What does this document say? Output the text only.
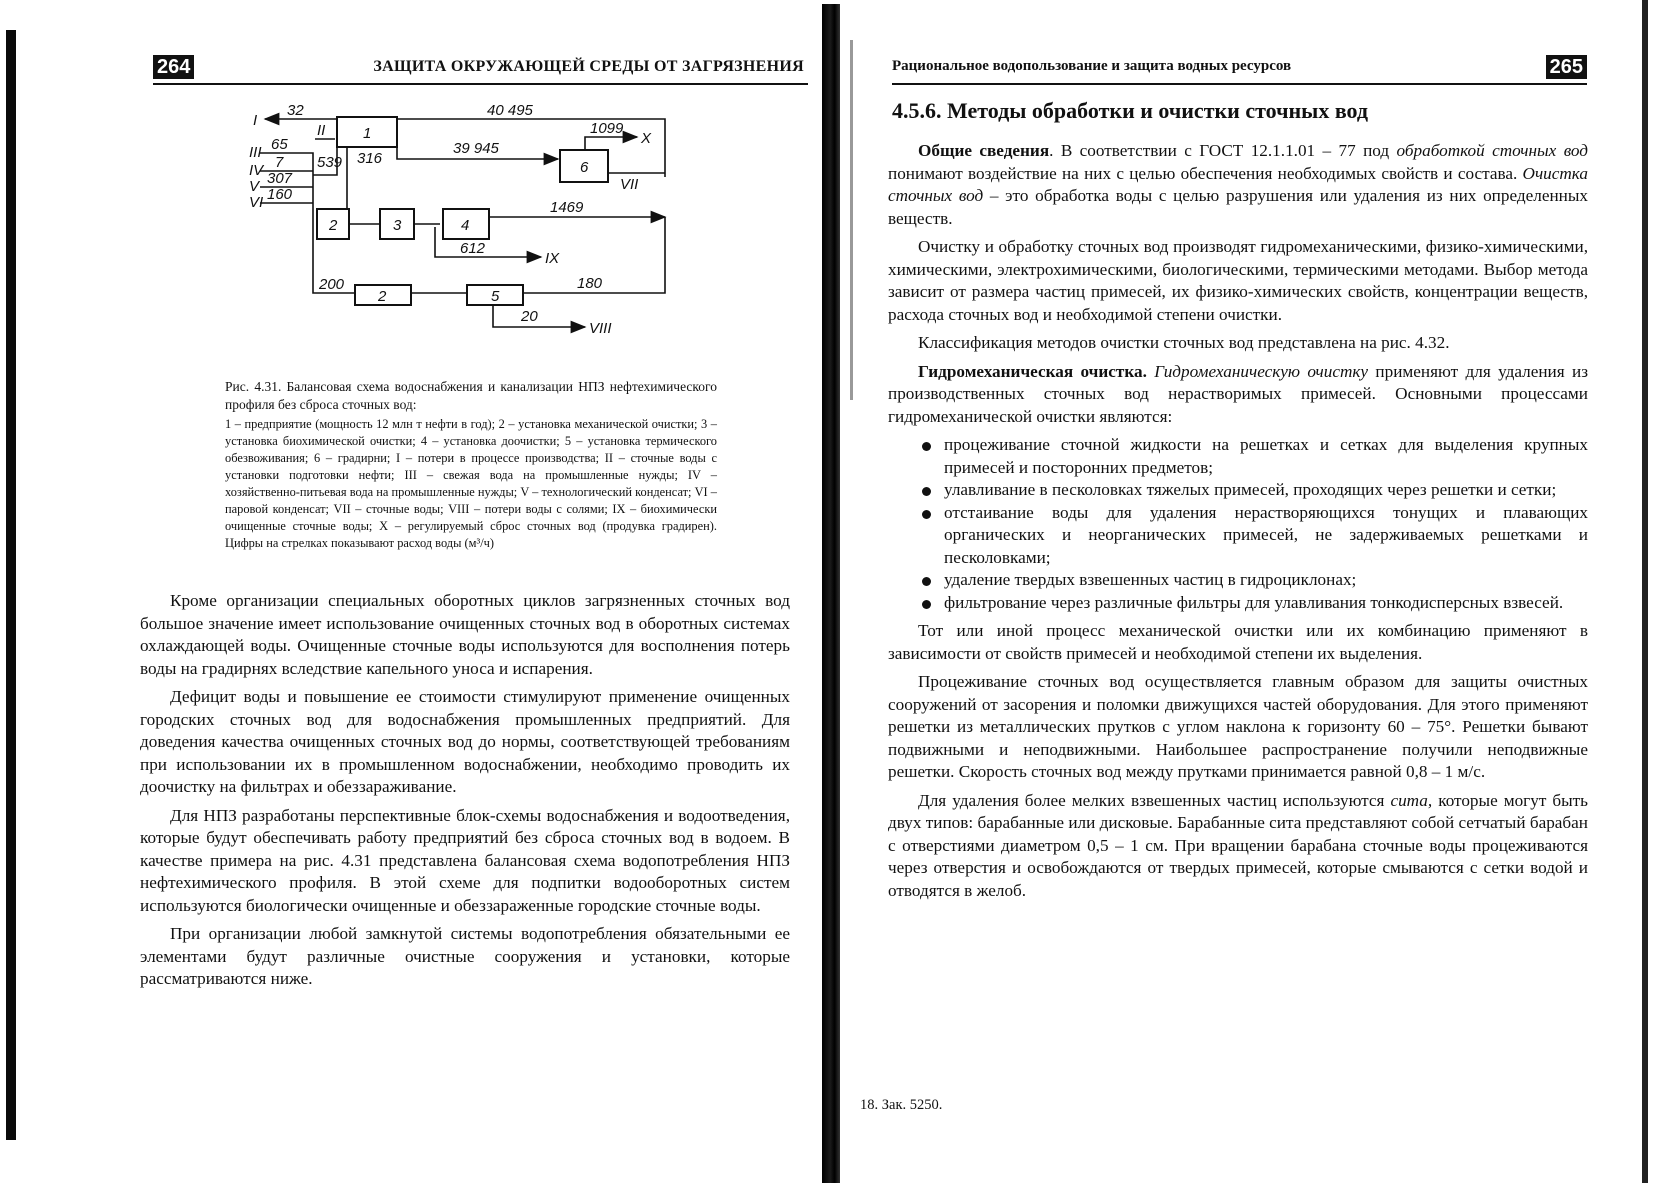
264	ЗАЩИТА ОКРУЖАЮЩЕЙ СРЕДЫ ОТ ЗАГРЯЗНЕНИЯ
1
I
32	40 495
6
1099
X
39 945
VII
II
316
III 65
IV 7
V 307
VI 160
539
2	3	4
1469
612
IX
200
2	5
180
20
VIII

Рис. 4.31. Балансовая схема водоснабжения и канализации НПЗ нефтехимического профиля без сброса сточных вод:

1 – предприятие (мощность 12 млн т нефти в год); 2 – установка механической очистки; 3 – установка биохимической очистки; 4 – установка доочистки; 5 – установка термического обезвоживания; 6 – градирни; I – потери в процессе производства; II – сточные воды с установки подготовки нефти; III – свежая вода на промышленные нужды; IV – хозяйственно-питьевая вода на промышленные нужды; V – технологический конденсат; VI – паровой конденсат; VII – сточные воды; VIII – потери воды с солями; IX – биохимически очищенные сточные воды; X – регулируемый сброс сточных вод (продувка градирен). Цифры на стрелках показывают расход воды (м³/ч)

Кроме организации специальных оборотных циклов загрязненных сточных вод большое значение имеет использование очищенных сточных вод в оборотных системах охлаждающей воды. Очищенные сточные воды используются для восполнения потерь воды на градирнях вследствие капельного уноса и испарения.

Дефицит воды и повышение ее стоимости стимулируют применение очищенных городских сточных вод для водоснабжения промышленных предприятий. Для доведения качества очищенных сточных вод до нормы, соответствующей требованиям при использовании их в промышленном водоснабжении, необходимо проводить их доочистку на фильтрах и обеззараживание.

Для НПЗ разработаны перспективные блок-схемы водоснабжения и водоотведения, которые будут обеспечивать работу предприятий без сброса сточных вод в водоем. В качестве примера на рис. 4.31 представлена балансовая схема водопотребления НПЗ нефтехимического профиля. В этой схеме для подпитки водооборотных систем используются биологически очищенные и обеззараженные городские сточные воды.

При организации любой замкнутой системы водопотребления обязательными ее элементами будут различные очистные сооружения и установки, которые рассматриваются ниже.

Рациональное водопользование и защита водных ресурсов	265
4.5.6. Методы обработки и очистки сточных вод

Общие сведения. В соответствии с ГОСТ 12.1.1.01 – 77 под обработкой сточных вод понимают воздействие на них с целью обеспечения необходимых свойств и состава. Очистка сточных вод – это обработка воды с целью разрушения или удаления из них определенных веществ.

Очистку и обработку сточных вод производят гидромеханическими, физико-химическими, химическими, электрохимическими, биологическими, термическими методами. Выбор метода зависит от размера частиц примесей, их физико-химических свойств, концентрации веществ, расхода сточных вод и необходимой степени очистки.

Классификация методов очистки сточных вод представлена на рис. 4.32.

Гидромеханическая очистка. Гидромеханическую очистку применяют для удаления из производственных сточных вод нерастворимых примесей. Основными процессами гидромеханической очистки являются:

процеживание сточной жидкости на решетках и сетках для выделения крупных примесей и посторонних предметов;
улавливание в песколовках тяжелых примесей, проходящих через решетки и сетки;
отстаивание воды для удаления нерастворяющихся тонущих и плавающих органических и неорганических примесей, не задерживаемых решетками и песколовками;
удаление твердых взвешенных частиц в гидроциклонах;
фильтрование через различные фильтры для улавливания тонкодисперсных взвесей.

Тот или иной процесс механической очистки или их комбинацию применяют в зависимости от свойств примесей и необходимой степени их выделения.

Процеживание сточных вод осуществляется главным образом для защиты очистных сооружений от засорения и поломки движущихся частей оборудования. Для этого применяют решетки из металлических прутков с углом наклона к горизонту 60 – 75°. Решетки бывают подвижными и неподвижными. Наибольшее распространение получили неподвижные решетки. Скорость сточных вод между прутками принимается равной 0,8 – 1 м/с.

Для удаления более мелких взвешенных частиц используются сита, которые могут быть двух типов: барабанные или дисковые. Барабанные сита представляют собой сетчатый барабан с отверстиями диаметром 0,5 – 1 см. При вращении барабана сточные воды процеживаются через отверстия и освобождаются от твердых примесей, которые смываются с сетки водой и отводятся в желоб.

18. Зак. 5250.
